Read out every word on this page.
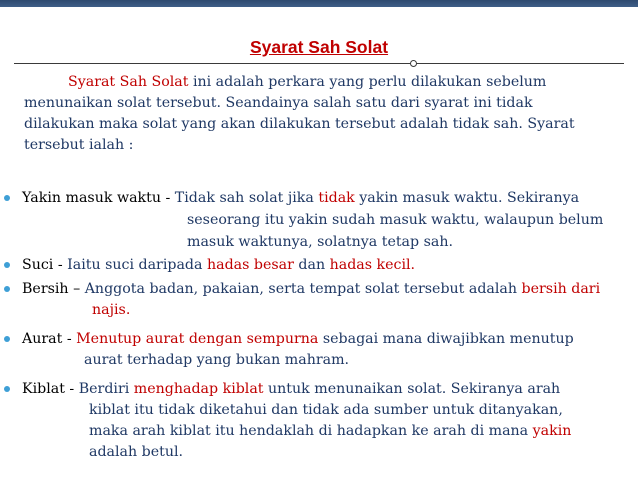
Syarat Sah Solat
Syarat Sah Solat ini adalah perkara yang perlu dilakukan sebelum
menunaikan solat tersebut. Seandainya salah satu dari syarat ini tidak
dilakukan maka solat yang akan dilakukan tersebut adalah tidak sah. Syarat
tersebut ialah :
Yakin masuk waktu - Tidak sah solat jika tidak yakin masuk waktu. Sekiranya
seseorang itu yakin sudah masuk waktu, walaupun belum
masuk waktunya, solatnya tetap sah.
Suci - Iaitu suci daripada hadas besar dan hadas kecil.
Bersih – Anggota badan, pakaian, serta tempat solat tersebut adalah bersih dari
najis.
Aurat - Menutup aurat dengan sempurna sebagai mana diwajibkan menutup
aurat terhadap yang bukan mahram.
Kiblat - Berdiri menghadap kiblat untuk menunaikan solat. Sekiranya arah
kiblat itu tidak diketahui dan tidak ada sumber untuk ditanyakan,
maka arah kiblat itu hendaklah di hadapkan ke arah di mana yakin
adalah betul.
